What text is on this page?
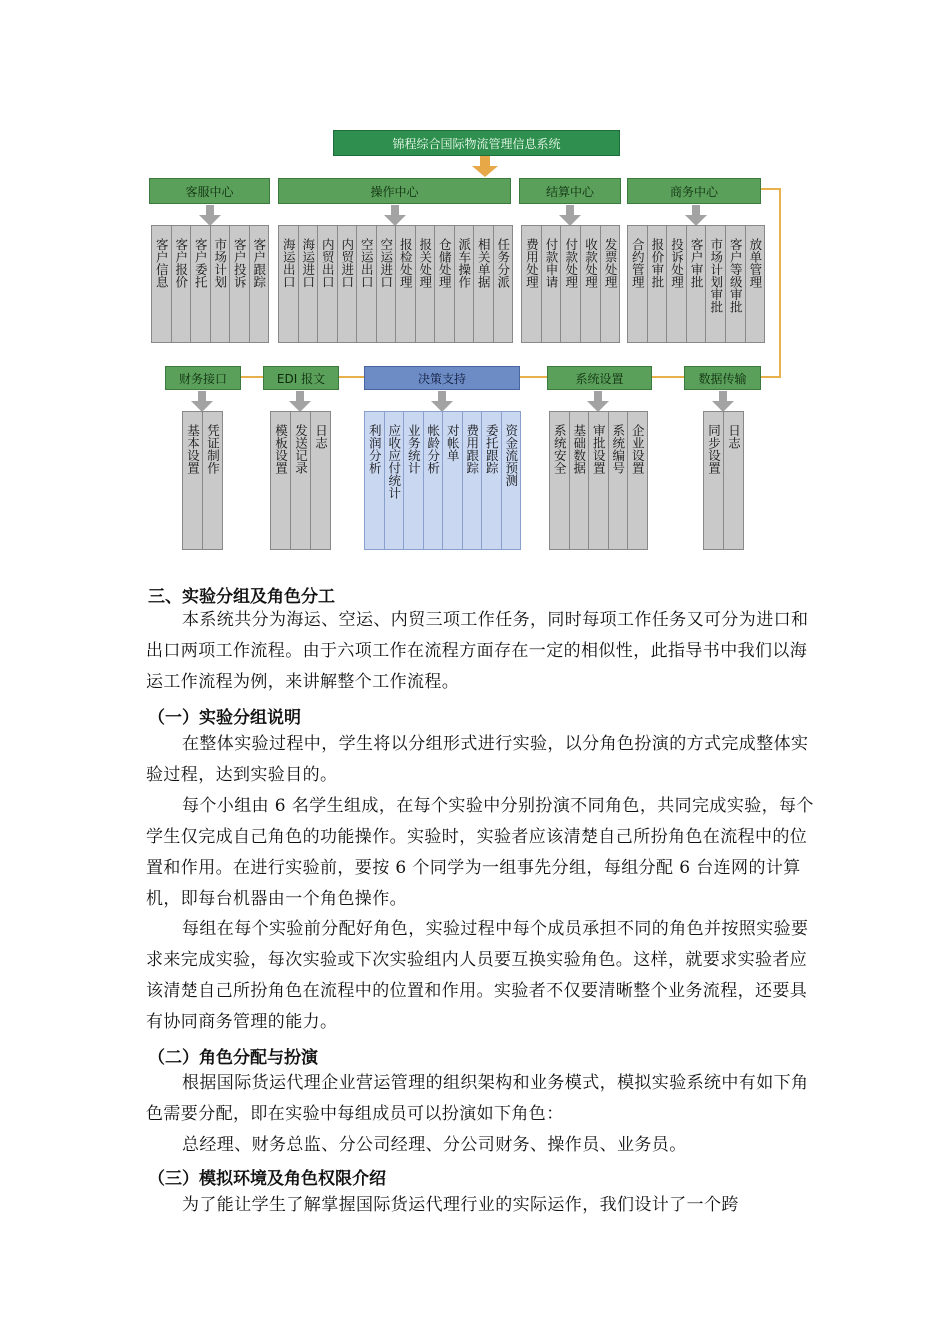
锦程综合国际物流管理信息系统
客服中心
客户信息 客户报价 客户委托 市场计划 客户投诉 客户跟踪
操作中心
海运出口 海运进口 内贸出口 内贸进口 空运出口 空运进口 报检处理 报关处理 仓储处理 派车操作 相关单据 任务分派
结算中心
费用处理 付款申请 付款处理 收款处理 发票处理
商务中心
合约管理 报价审批 投诉处理 客户审批 市场计划审批 客户等级审批 放单管理
财务接口
基本设置 凭证制作
EDI 报文
模板设置 发送记录 日志
决策支持
利润分析 应收应付统计 业务统计 帐龄分析 对帐单 费用跟踪 委托跟踪 资金流预测
系统设置
系统安全 基础数据 审批设置 系统编号 企业设置
数据传输
同步设置 日志
三、实验分组及角色分工
本系统共分为海运、空运、内贸三项工作任务，同时每项工作任务又可分为进口和出口两项工作流程。由于六项工作在流程方面存在一定的相似性，此指导书中我们以海运工作流程为例，来讲解整个工作流程。
（一）实验分组说明
在整体实验过程中，学生将以分组形式进行实验，以分角色扮演的方式完成整体实验过程，达到实验目的。
每个小组由 6 名学生组成，在每个实验中分别扮演不同角色，共同完成实验，每个学生仅完成自己角色的功能操作。实验时，实验者应该清楚自己所扮角色在流程中的位置和作用。在进行实验前，要按 6 个同学为一组事先分组，每组分配 6 台连网的计算机，即每台机器由一个角色操作。
每组在每个实验前分配好角色，实验过程中每个成员承担不同的角色并按照实验要求来完成实验，每次实验或下次实验组内人员要互换实验角色。这样，就要求实验者应该清楚自己所扮角色在流程中的位置和作用。实验者不仅要清晰整个业务流程，还要具有协同商务管理的能力。
（二）角色分配与扮演
根据国际货运代理企业营运管理的组织架构和业务模式，模拟实验系统中有如下角色需要分配，即在实验中每组成员可以扮演如下角色：
总经理、财务总监、分公司经理、分公司财务、操作员、业务员。
（三）模拟环境及角色权限介绍
为了能让学生了解掌握国际货运代理行业的实际运作，我们设计了一个跨
